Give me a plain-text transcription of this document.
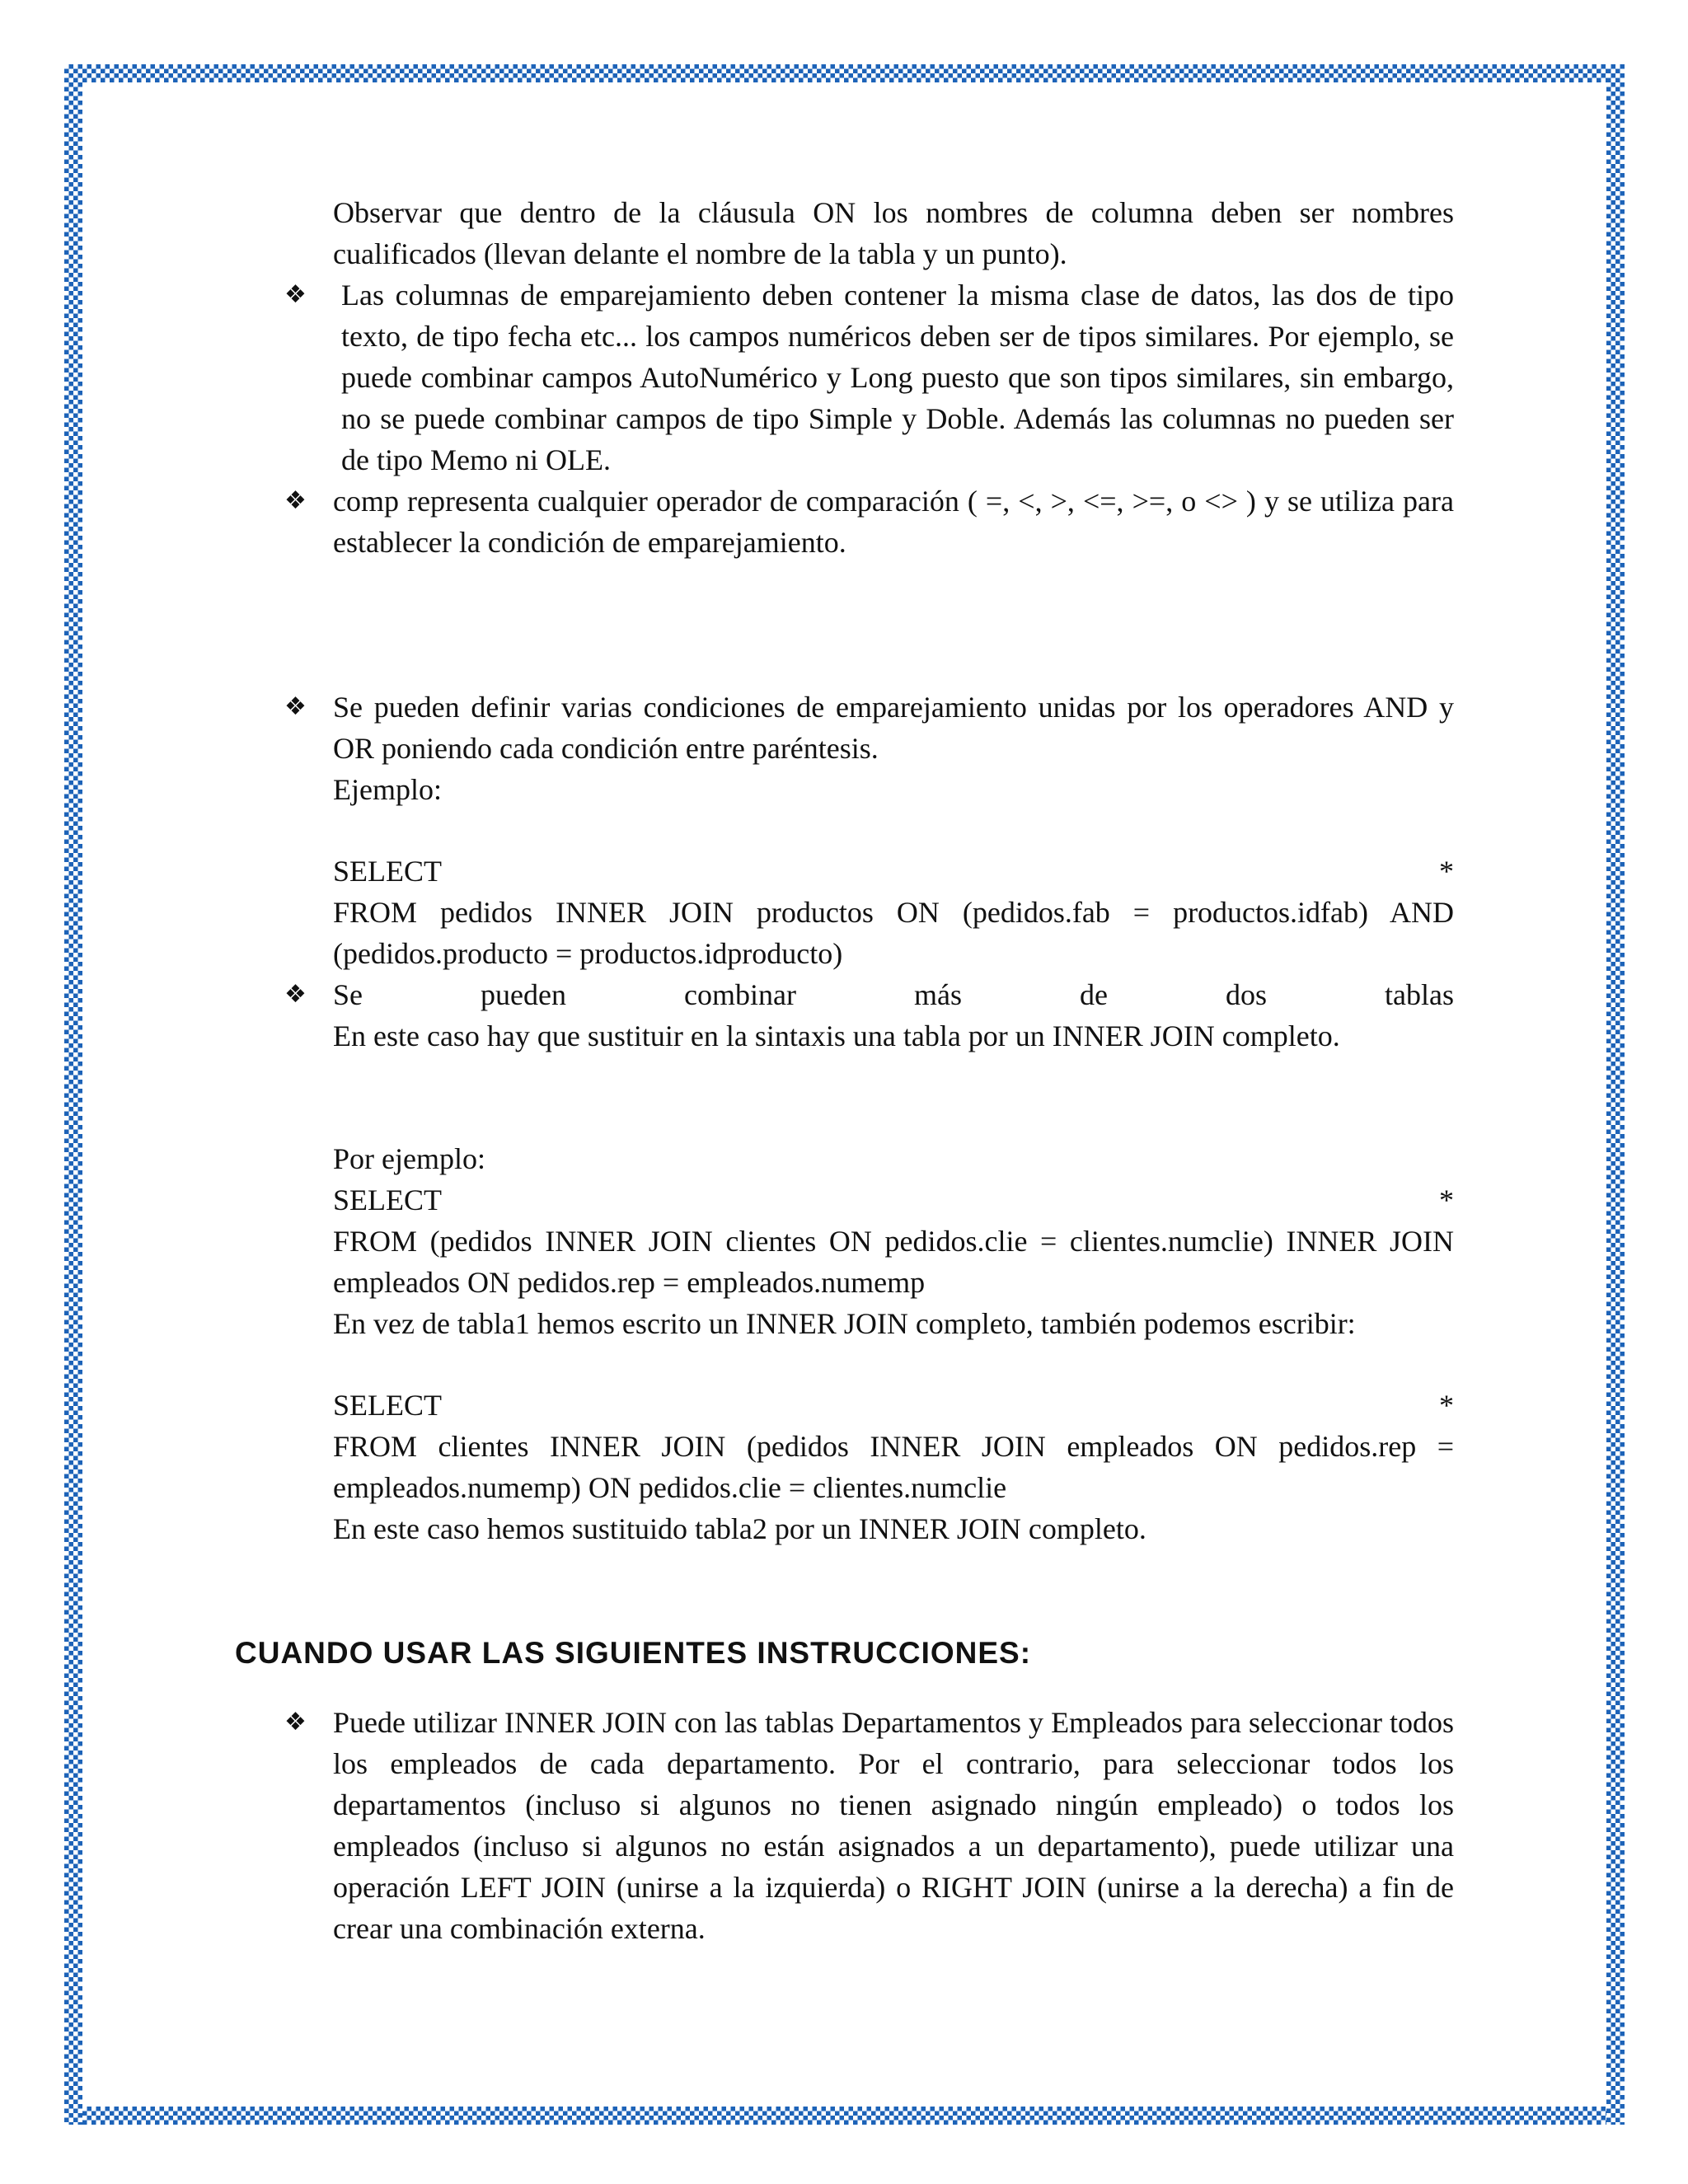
Observar que dentro de la cláusula ON los nombres de columna deben ser nombres cualificados (llevan delante el nombre de la tabla y un punto).
❖ Las columnas de emparejamiento deben contener la misma clase de datos, las dos de tipo texto, de tipo fecha etc... los campos numéricos deben ser de tipos similares. Por ejemplo, se puede combinar campos AutoNumérico y Long puesto que son tipos similares, sin embargo, no se puede combinar campos de tipo Simple y Doble. Además las columnas no pueden ser de tipo Memo ni OLE.
❖ comp representa cualquier operador de comparación ( =, <, >, <=, >=, o <> ) y se utiliza para establecer la condición de emparejamiento.
❖ Se pueden definir varias condiciones de emparejamiento unidas por los operadores AND y OR poniendo cada condición entre paréntesis.
Ejemplo:
SELECT	*
FROM pedidos INNER JOIN productos ON (pedidos.fab = productos.idfab) AND (pedidos.producto = productos.idproducto)
❖ Se pueden combinar más de dos tablas
En este caso hay que sustituir en la sintaxis una tabla por un INNER JOIN completo.
Por ejemplo:
SELECT	*
FROM (pedidos INNER JOIN clientes ON pedidos.clie = clientes.numclie) INNER JOIN empleados ON pedidos.rep = empleados.numemp
En vez de tabla1 hemos escrito un INNER JOIN completo, también podemos escribir:
SELECT	*
FROM clientes INNER JOIN (pedidos INNER JOIN empleados ON pedidos.rep = empleados.numemp) ON pedidos.clie = clientes.numclie
En este caso hemos sustituido tabla2 por un INNER JOIN completo.
CUANDO USAR LAS SIGUIENTES INSTRUCCIONES:
❖ Puede utilizar INNER JOIN con las tablas Departamentos y Empleados para seleccionar todos los empleados de cada departamento. Por el contrario, para seleccionar todos los departamentos (incluso si algunos no tienen asignado ningún empleado) o todos los empleados (incluso si algunos no están asignados a un departamento), puede utilizar una operación LEFT JOIN (unirse a la izquierda) o RIGHT JOIN (unirse a la derecha) a fin de crear una combinación externa.
